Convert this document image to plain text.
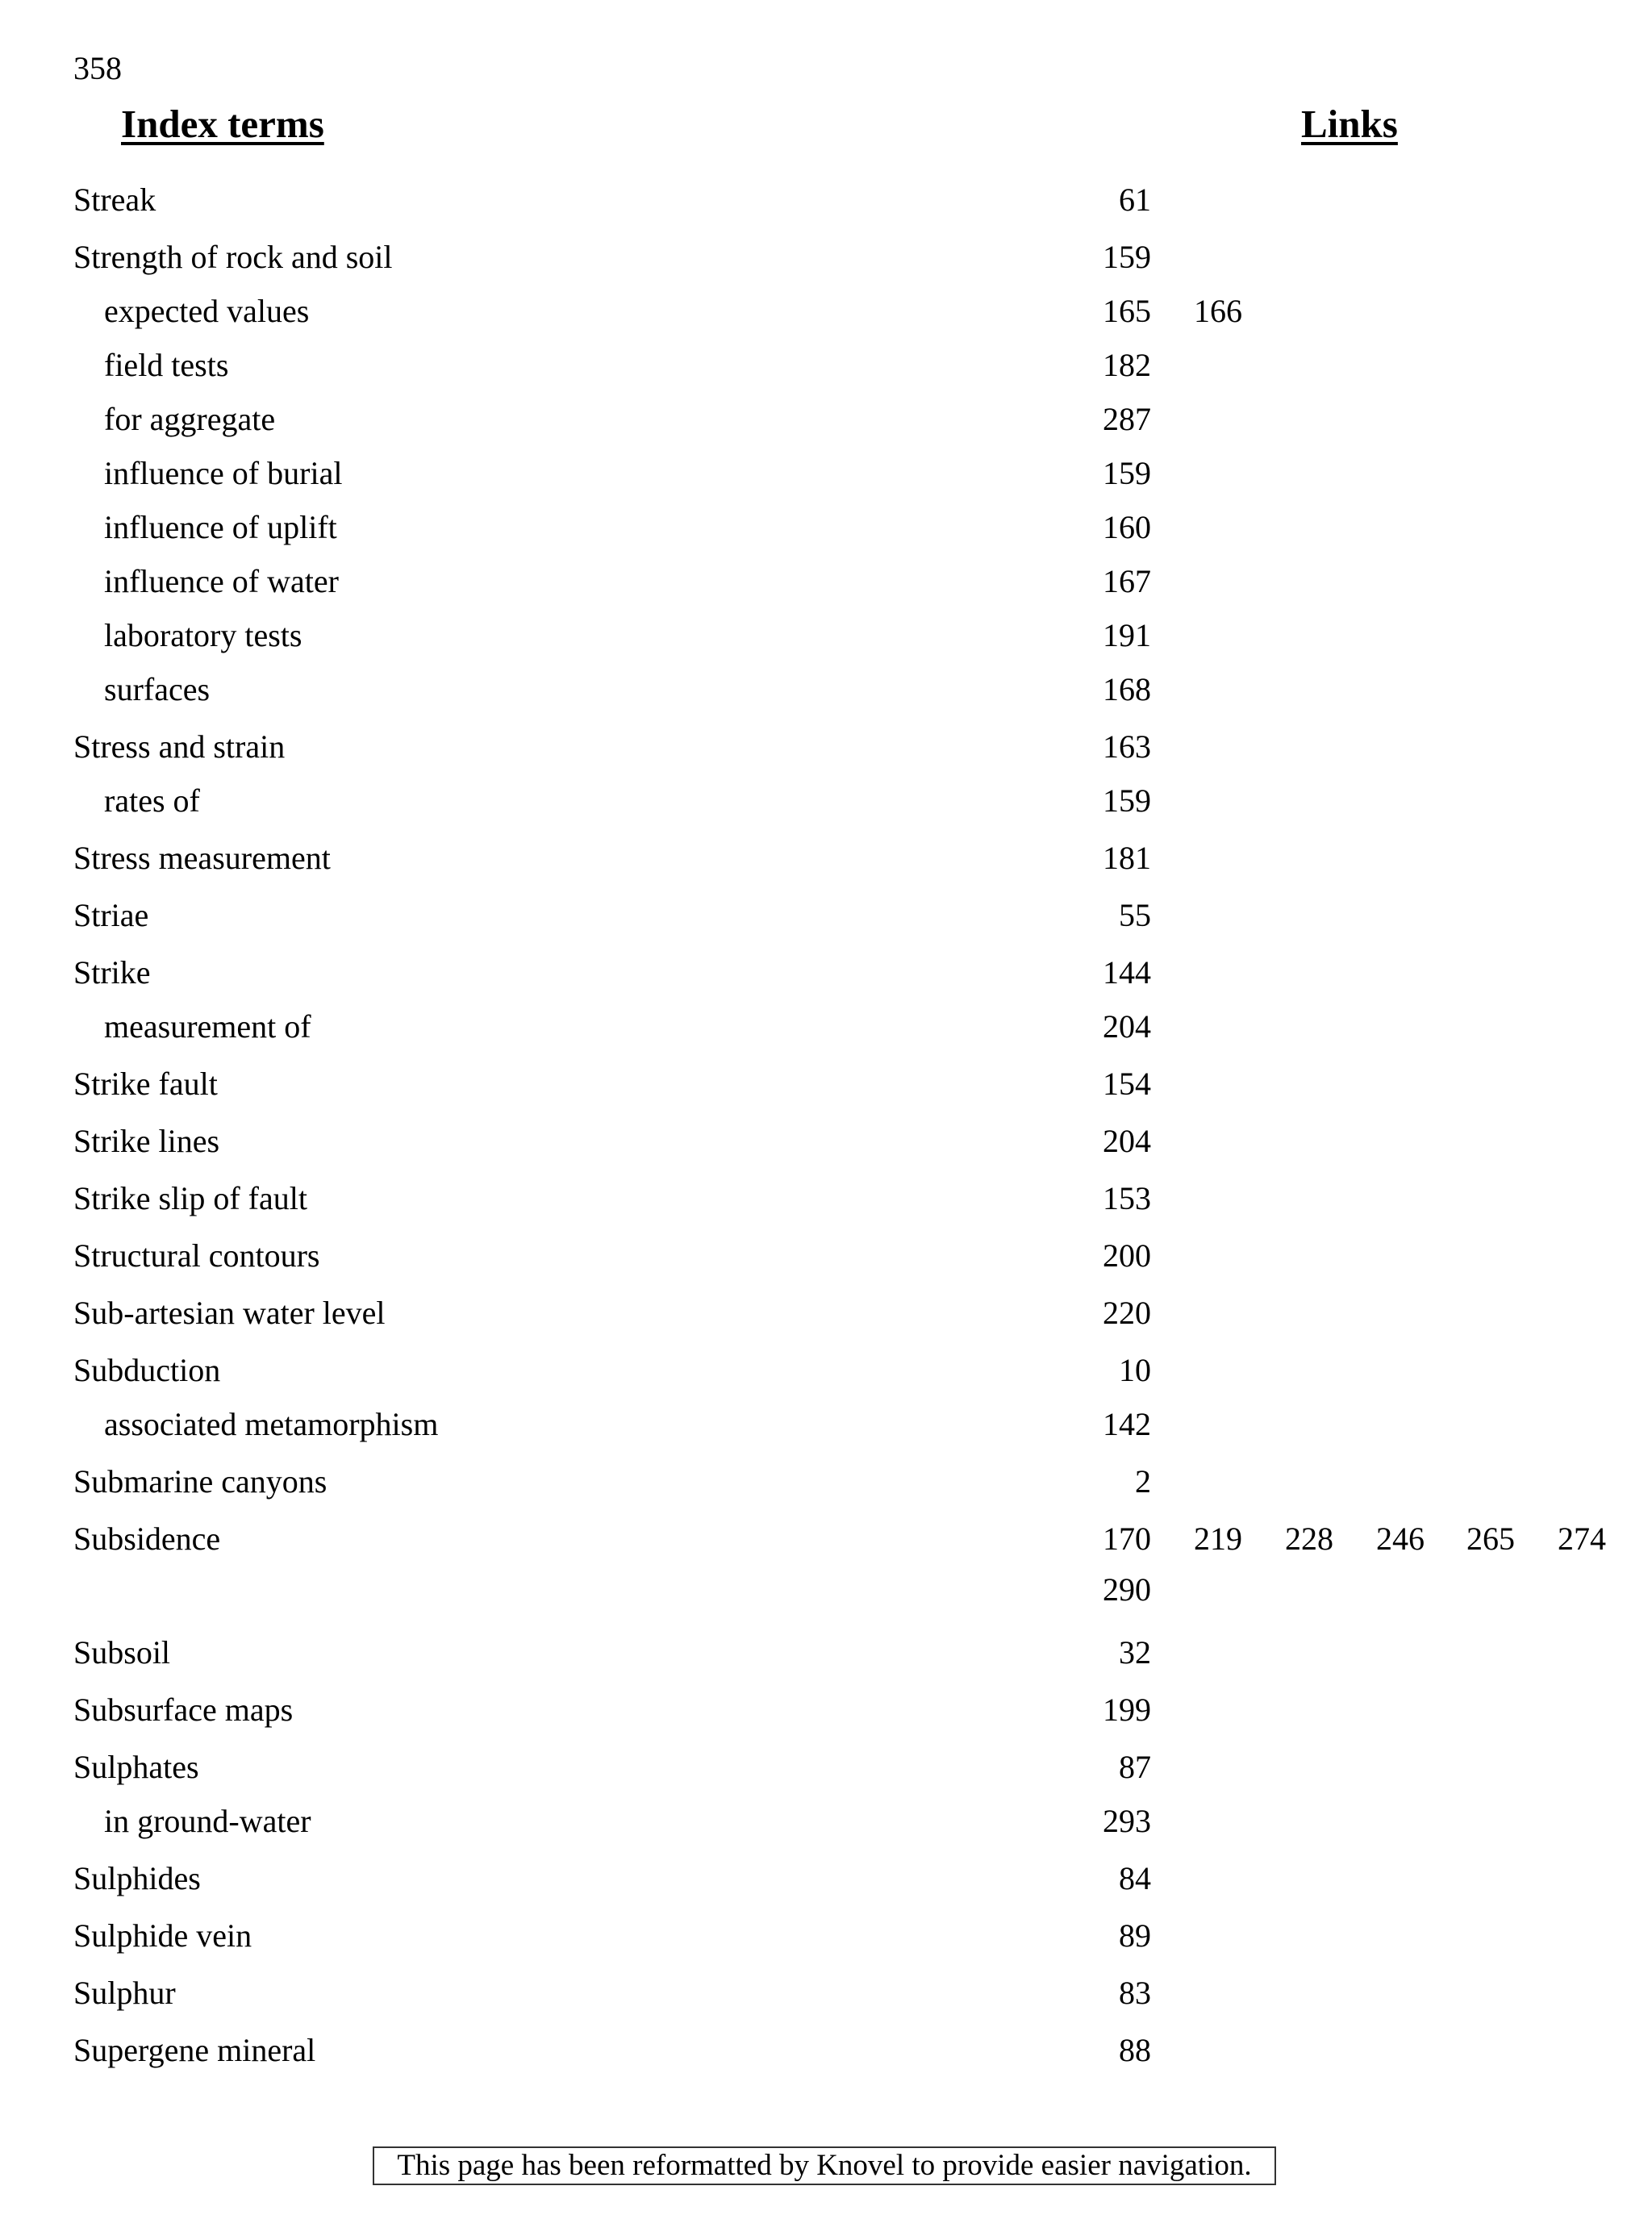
358
Index terms	Links
Streak	61
Strength of rock and soil	159
expected values	165	166
field tests	182
for aggregate	287
influence of burial	159
influence of uplift	160
influence of water	167
laboratory tests	191
surfaces	168
Stress and strain	163
rates of	159
Stress measurement	181
Striae	55
Strike	144
measurement of	204
Strike fault	154
Strike lines	204
Strike slip of fault	153
Structural contours	200
Sub-artesian water level	220
Subduction	10
associated metamorphism	142
Submarine canyons	2
Subsidence	170	219	228	246	265	274
290
Subsoil	32
Subsurface maps	199
Sulphates	87
in ground-water	293
Sulphides	84
Sulphide vein	89
Sulphur	83
Supergene mineral	88
This page has been reformatted by Knovel to provide easier navigation.
